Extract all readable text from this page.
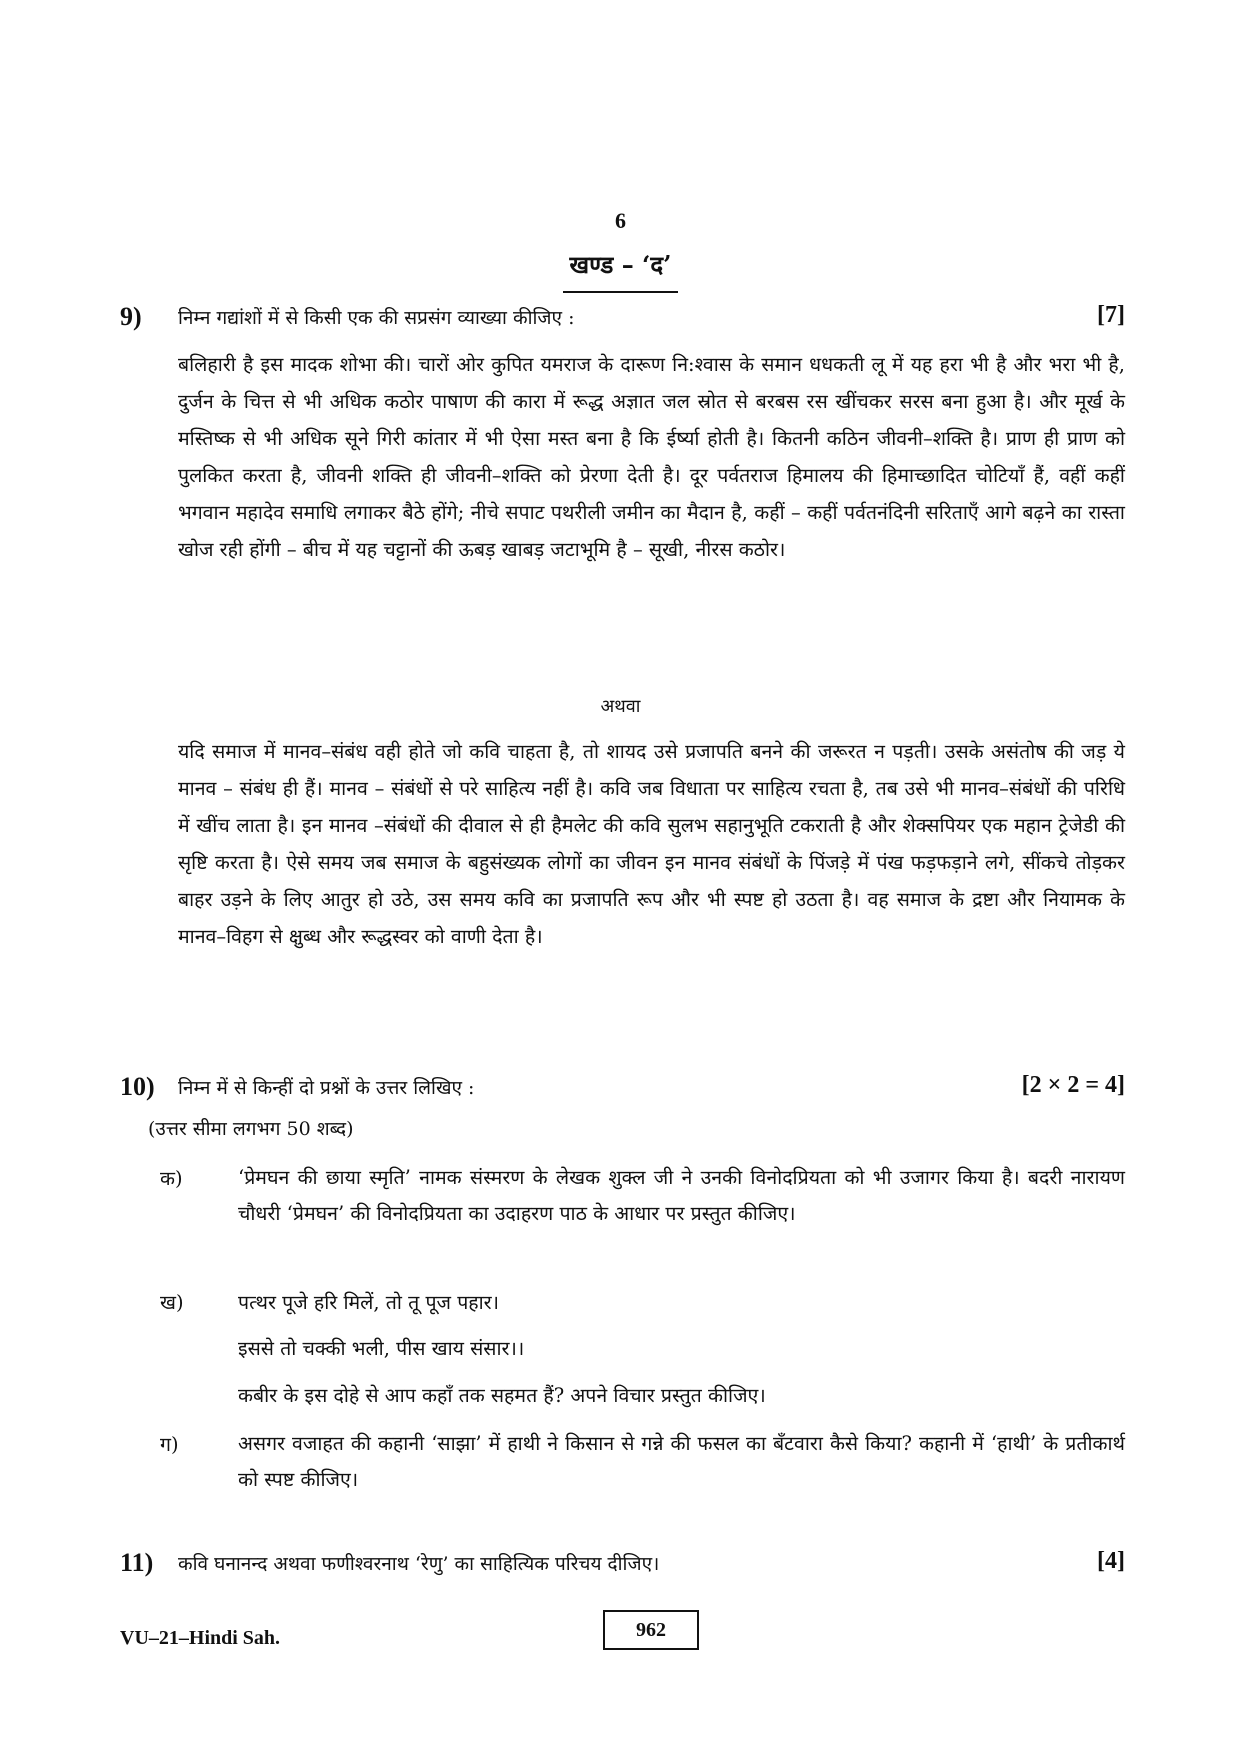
6
खण्ड – ‘द’
9) निम्न गद्यांशों में से किसी एक की सप्रसंग व्याख्या कीजिए :	[7]
बलिहारी है इस मादक शोभा की। चारों ओर कुपित यमराज के दारूण नि:श्वास के समान धधकती लू में यह हरा भी है और भरा भी है, दुर्जन के चित्त से भी अधिक कठोर पाषाण की कारा में रूद्ध अज्ञात जल स्रोत से बरबस रस खींचकर सरस बना हुआ है। और मूर्ख के मस्तिष्क से भी अधिक सूने गिरी कांतार में भी ऐसा मस्त बना है कि ईर्ष्या होती है। कितनी कठिन जीवनी–शक्ति है। प्राण ही प्राण को पुलकित करता है, जीवनी शक्ति ही जीवनी–शक्ति को प्रेरणा देती है। दूर पर्वतराज हिमालय की हिमाच्छादित चोटियाँ हैं, वहीं कहीं भगवान महादेव समाधि लगाकर बैठे होंगे; नीचे सपाट पथरीली जमीन का मैदान है, कहीं – कहीं पर्वतनंदिनी सरिताएँ आगे बढ़ने का रास्ता खोज रही होंगी – बीच में यह चट्टानों की ऊबड़ खाबड़ जटाभूमि है – सूखी, नीरस कठोर।
अथवा
यदि समाज में मानव–संबंध वही होते जो कवि चाहता है, तो शायद उसे प्रजापति बनने की जरूरत न पड़ती। उसके असंतोष की जड़ ये मानव – संबंध ही हैं। मानव – संबंधों से परे साहित्य नहीं है। कवि जब विधाता पर साहित्य रचता है, तब उसे भी मानव–संबंधों की परिधि में खींच लाता है। इन मानव –संबंधों की दीवाल से ही हैमलेट की कवि सुलभ सहानुभूति टकराती है और शेक्सपियर एक महान ट्रेजेडी की सृष्टि करता है। ऐसे समय जब समाज के बहुसंख्यक लोगों का जीवन इन मानव संबंधों के पिंजड़े में पंख फड़फड़ाने लगे, सींकचे तोड़कर बाहर उड़ने के लिए आतुर हो उठे, उस समय कवि का प्रजापति रूप और भी स्पष्ट हो उठता है। वह समाज के द्रष्टा और नियामक के मानव–विहग से क्षुब्ध और रूद्धस्वर को वाणी देता है।
10) निम्न में से किन्हीं दो प्रश्नों के उत्तर लिखिए :	[2 × 2 = 4]
(उत्तर सीमा लगभग 50 शब्द)
क)	‘प्रेमघन की छाया स्मृति’ नामक संस्मरण के लेखक शुक्ल जी ने उनकी विनोदप्रियता को भी उजागर किया है। बदरी नारायण चौधरी ‘प्रेमघन’ की विनोदप्रियता का उदाहरण पाठ के आधार पर प्रस्तुत कीजिए।
ख)	पत्थर पूजे हरि मिलें, तो तू पूज पहार।
इससे तो चक्की भली, पीस खाय संसार।।
कबीर के इस दोहे से आप कहाँ तक सहमत हैं? अपने विचार प्रस्तुत कीजिए।
ग)	असगर वजाहत की कहानी ‘साझा’ में हाथी ने किसान से गन्ने की फसल का बँटवारा कैसे किया? कहानी में ‘हाथी’ के प्रतीकार्थ को स्पष्ट कीजिए।
11) कवि घनानन्द अथवा फणीश्वरनाथ ‘रेणु’ का साहित्यिक परिचय दीजिए।	[4]
VU–21–Hindi Sah.	962
